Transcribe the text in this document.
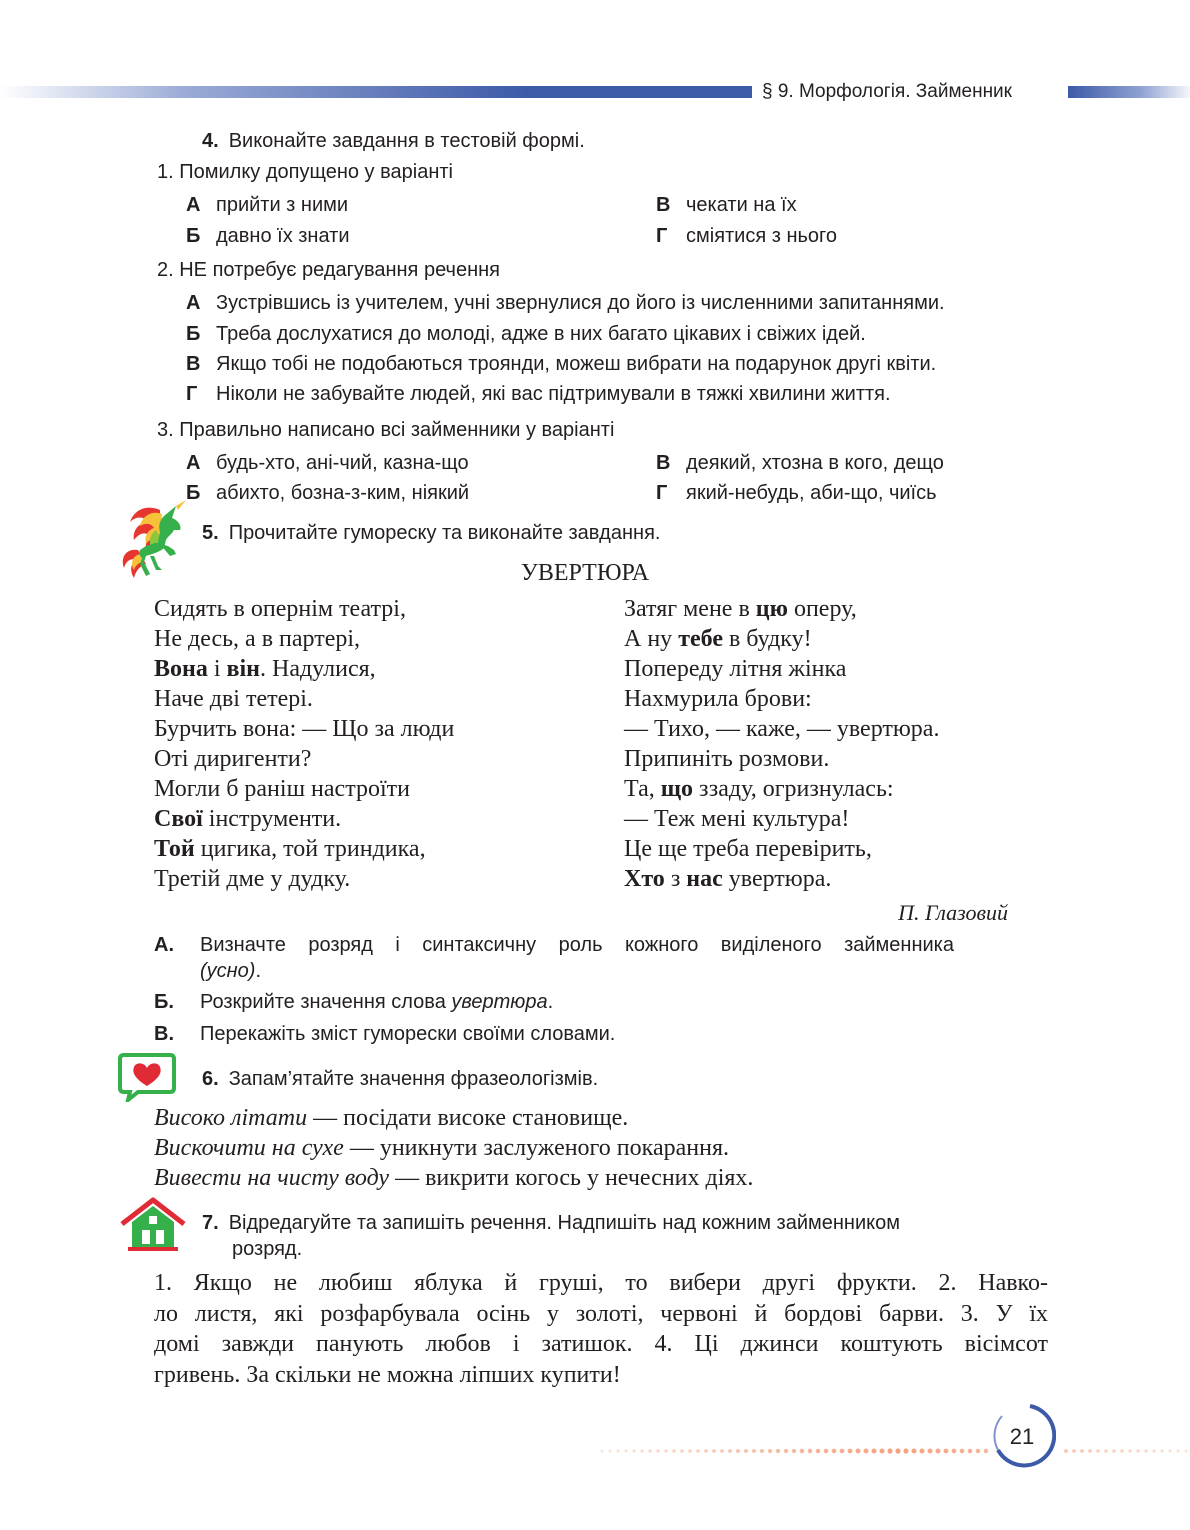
§ 9. Морфологія. Займенник
4. Виконайте завдання в тестовій формі.
1. Помилку допущено у варіанті
А прийти з ними
Б давно їх знати
В чекати на їх
Г сміятися з нього
2. НЕ потребує редагування речення
А Зустрівшись із учителем, учні звернулися до його із численними запитаннями.
Б Треба дослухатися до молоді, адже в них багато цікавих і свіжих ідей.
В Якщо тобі не подобаються троянди, можеш вибрати на подарунок другі квіти.
Г Ніколи не забувайте людей, які вас підтримували в тяжкі хвилини життя.
3. Правильно написано всі займенники у варіанті
А будь-хто, ані-чий, казна-що
Б абихто, бозна-з-ким, ніякий
В деякий, хтозна в кого, дещо
Г який-небудь, аби-що, чиїсь
5. Прочитайте гумореску та виконайте завдання.
УВЕРТЮРА
Сидять в опернім театрі,
Не десь, а в партері,
Вона і він. Надулися,
Наче дві тетері.
Бурчить вона: — Що за люди
Оті диригенти?
Могли б раніш настроїти
Свої інструменти.
Той цигика, той триндика,
Третій дме у дудку.
Затяг мене в цю оперу,
А ну тебе в будку!
Попереду літня жінка
Нахмурила брови:
— Тихо, — каже, — увертюра.
Припиніть розмови.
Та, що ззаду, огризнулась:
— Теж мені культура!
Це ще треба перевірить,
Хто з нас увертюра.
П. Глазовий
А.	Визначте розряд і синтаксичну роль кожного виділеного займенника
(усно).
Б.	Розкрийте значення слова увертюра.
В.	Перекажіть зміст гуморески своїми словами.
6. Запам’ятайте значення фразеологізмів.
Високо літати — посідати високе становище.
Вискочити на сухе — уникнути заслуженого покарання.
Вивести на чисту воду — викрити когось у нечесних діях.
7. Відредагуйте та запишіть речення. Надпишіть над кожним займенником
розряд.
1. Якщо не любиш яблука й груші, то вибери другі фрукти. 2. Навко-
ло листя, які розфарбувала осінь у золоті, червоні й бордові барви. 3. У їх
домі завжди панують любов і затишок. 4. Ці джинси коштують вісімсот
гривень. За скільки не можна ліпших купити!
21
